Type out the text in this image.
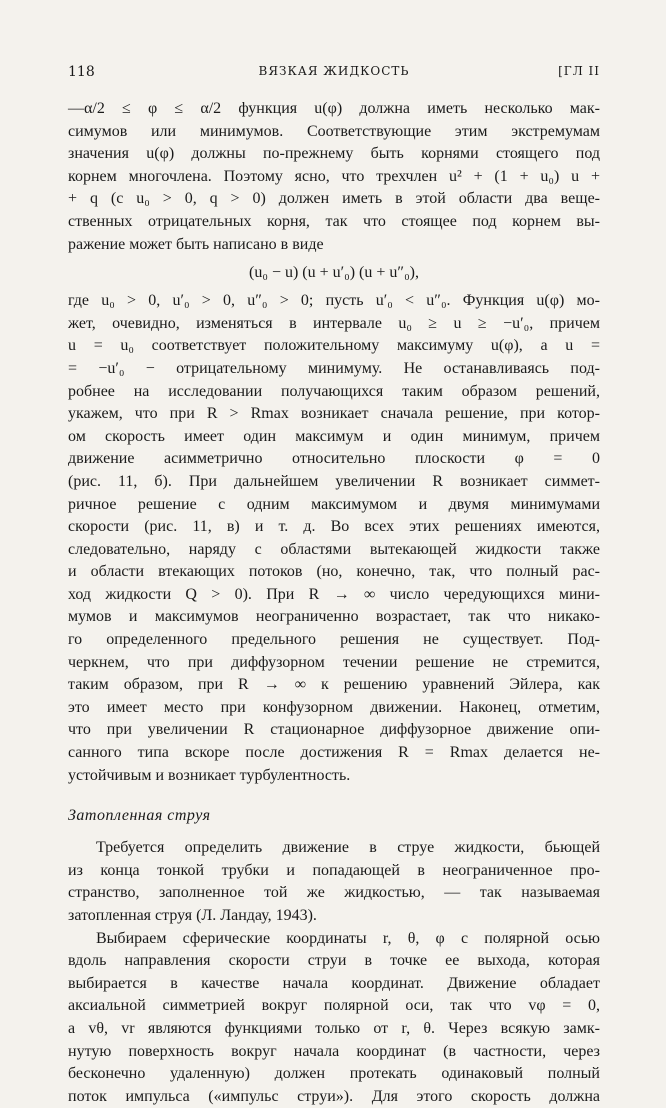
118	ВЯЗКАЯ ЖИДКОСТЬ	[ГЛ II
—α/2 ≤ φ ≤ α/2 функция u(φ) должна иметь несколько мак-
симумов или минимумов. Соответствующие этим экстремумам
значения u(φ) должны по-прежнему быть корнями стоящего под
корнем многочлена. Поэтому ясно, что трехчлен u² + (1 + u₀) u +
+ q (с u₀ > 0, q > 0) должен иметь в этой области два веще-
ственных отрицательных корня, так что стоящее под корнем вы-
ражение может быть написано в виде
(u₀ − u) (u + u′₀) (u + u″₀),
где u₀ > 0, u′₀ > 0, u″₀ > 0; пусть u′₀ < u″₀. Функция u(φ) мо-
жет, очевидно, изменяться в интервале u₀ ≥ u ≥ −u′₀, причем
u = u₀ соответствует положительному максимуму u(φ), а u =
= −u′₀ − отрицательному минимуму. Не останавливаясь под-
робнее на исследовании получающихся таким образом решений,
укажем, что при R > Rmax возникает сначала решение, при котор-
ом скорость имеет один максимум и один минимум, причем
движение асимметрично относительно плоскости φ = 0
(рис. 11, б). При дальнейшем увеличении R возникает симмет-
ричное решение с одним максимумом и двумя минимумами
скорости (рис. 11, в) и т. д. Во всех этих решениях имеются,
следовательно, наряду с областями вытекающей жидкости также
и области втекающих потоков (но, конечно, так, что полный рас-
ход жидкости Q > 0). При R → ∞ число чередующихся мини-
мумов и максимумов неограниченно возрастает, так что никако-
го определенного предельного решения не существует. Под-
черкнем, что при диффузорном течении решение не стремится,
таким образом, при R → ∞ к решению уравнений Эйлера, как
это имеет место при конфузорном движении. Наконец, отметим,
что при увеличении R стационарное диффузорное движение опи-
санного типа вскоре после достижения R = Rmax делается не-
устойчивым и возникает турбулентность.
Затопленная струя
Требуется определить движение в струе жидкости, бьющей
из конца тонкой трубки и попадающей в неограниченное про-
странство, заполненное той же жидкостью, — так называемая
затопленная струя (Л. Ландау, 1943).
Выбираем сферические координаты r, θ, φ с полярной осью
вдоль направления скорости струи в точке ее выхода, которая
выбирается в качестве начала координат. Движение обладает
аксиальной симметрией вокруг полярной оси, так что vφ = 0,
а vθ, vr являются функциями только от r, θ. Через всякую замк-
нутую поверхность вокруг начала координат (в частности, через
бесконечно удаленную) должен протекать одинаковый полный
поток импульса («импульс струи»). Для этого скорость должна
